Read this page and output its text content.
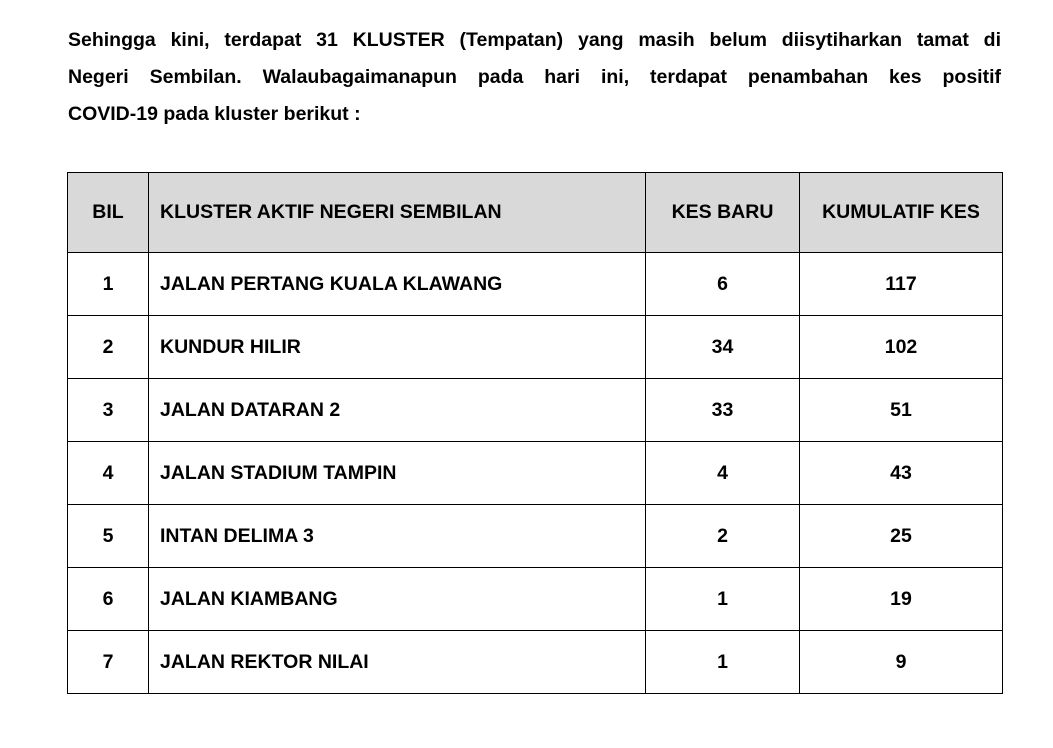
Sehingga kini, terdapat 31 KLUSTER (Tempatan) yang masih belum diisytiharkan tamat di
Negeri Sembilan. Walaubagaimanapun pada hari ini, terdapat penambahan kes positif
COVID-19 pada kluster berikut :
BIL	KLUSTER AKTIF NEGERI SEMBILAN	KES BARU	KUMULATIF KES
1	JALAN PERTANG KUALA KLAWANG	6	117
2	KUNDUR HILIR	34	102
3	JALAN DATARAN 2	33	51
4	JALAN STADIUM TAMPIN	4	43
5	INTAN DELIMA 3	2	25
6	JALAN KIAMBANG	1	19
7	JALAN REKTOR NILAI	1	9
